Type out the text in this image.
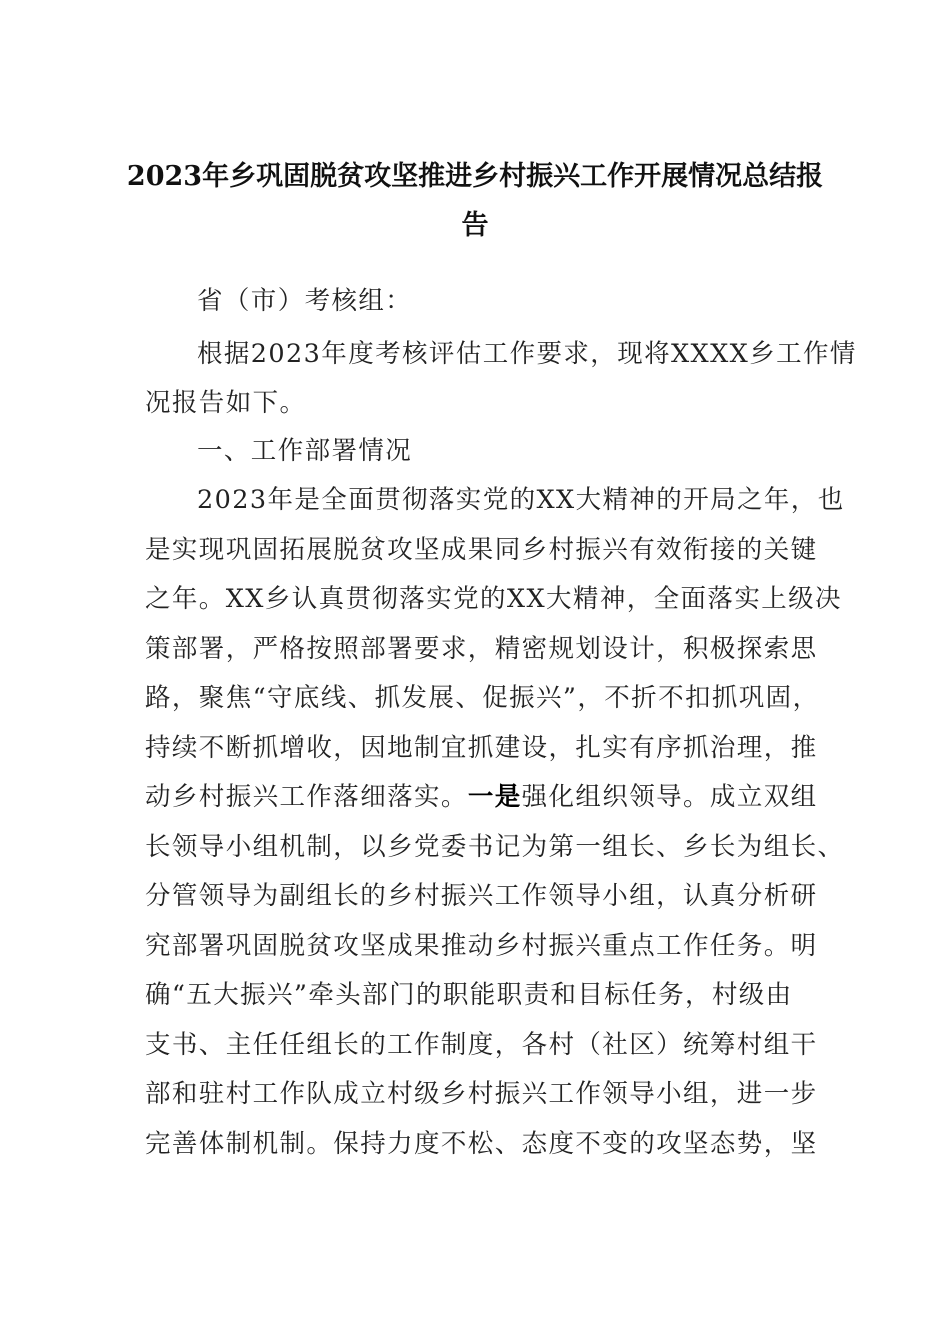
2023年乡巩固脱贫攻坚推进乡村振兴工作开展情况总结报
告
省（市）考核组：
根据2023年度考核评估工作要求，现将XXXX乡工作情
况报告如下。
一、工作部署情况
2023年是全面贯彻落实党的XX大精神的开局之年，也
是实现巩固拓展脱贫攻坚成果同乡村振兴有效衔接的关键
之年。XX乡认真贯彻落实党的XX大精神，全面落实上级决
策部署，严格按照部署要求，精密规划设计，积极探索思
路，聚焦“守底线、抓发展、促振兴”，不折不扣抓巩固，
持续不断抓增收，因地制宜抓建设，扎实有序抓治理，推
动乡村振兴工作落细落实。一是强化组织领导。成立双组
长领导小组机制，以乡党委书记为第一组长、乡长为组长、
分管领导为副组长的乡村振兴工作领导小组，认真分析研
究部署巩固脱贫攻坚成果推动乡村振兴重点工作任务。明
确“五大振兴”牵头部门的职能职责和目标任务，村级由
支书、主任任组长的工作制度，各村（社区）统筹村组干
部和驻村工作队成立村级乡村振兴工作领导小组，进一步
完善体制机制。保持力度不松、态度不变的攻坚态势，坚
